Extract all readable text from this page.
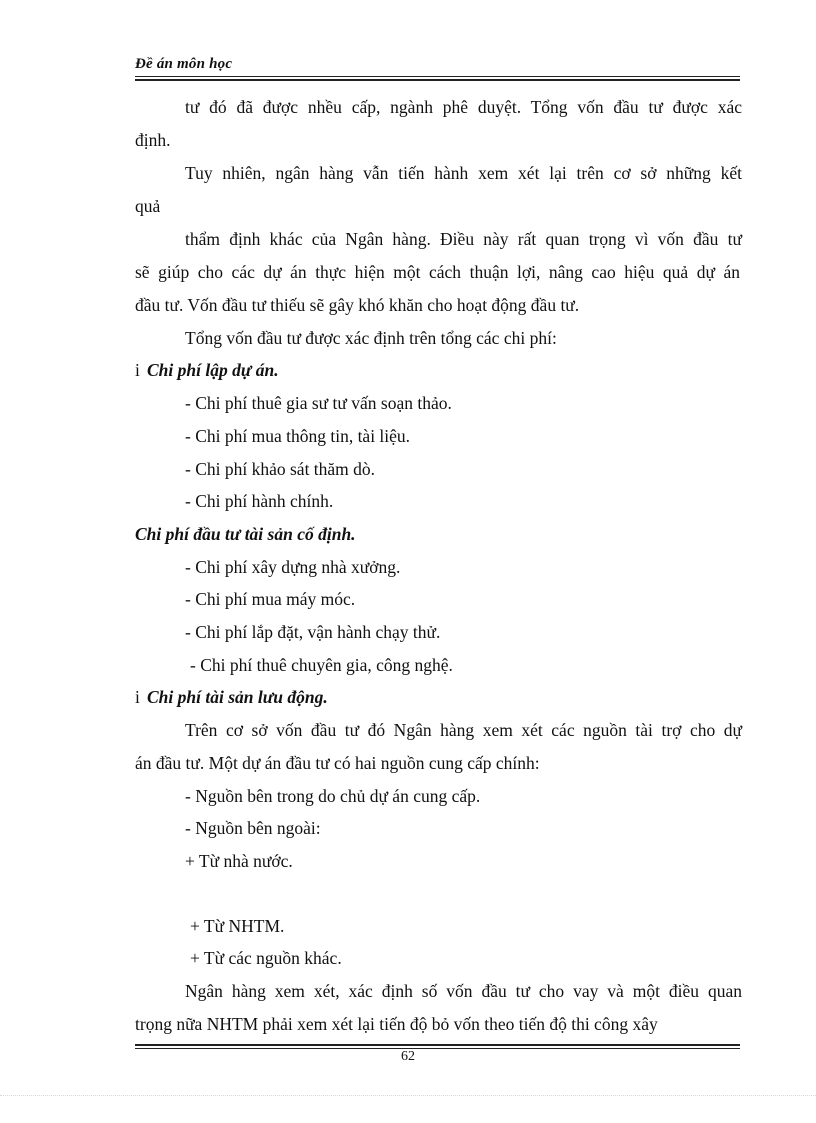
Đề án môn học
tư đó đã được nhều cấp, ngành phê duyệt. Tổng vốn đầu tư được xác
định.
Tuy nhiên, ngân hàng vẫn tiến hành xem xét lại trên cơ sở những kết
quả
thẩm định khác của Ngân hàng. Điều này rất quan trọng vì vốn đầu tư
sẽ giúp cho các dự án thực hiện một cách thuận lợi, nâng cao hiệu quả dự án
đầu tư. Vốn đầu tư thiếu sẽ gây khó khăn cho hoạt động đầu tư.
Tổng vốn đầu tư được xác định trên tổng các chi phí:
i Chi phí lập dự án.
- Chi phí thuê gia sư tư vấn soạn thảo.
- Chi phí mua thông tin, tài liệu.
- Chi phí khảo sát thăm dò.
- Chi phí hành chính.
Chi phí đầu tư tài sản cố định.
- Chi phí xây dựng nhà xưởng.
- Chi phí mua máy móc.
- Chi phí lắp đặt, vận hành chạy thử.
- Chi phí thuê chuyên gia, công nghệ.
i Chi phí tài sản lưu động.
Trên cơ sở vốn đầu tư đó Ngân hàng xem xét các nguồn tài trợ cho dự
án đầu tư. Một dự án đầu tư có hai nguồn cung cấp chính:
- Nguồn bên trong do chủ dự án cung cấp.
- Nguồn bên ngoài:
+ Từ nhà nước.
+ Từ NHTM.
+ Từ các nguồn khác.
Ngân hàng xem xét, xác định số vốn đầu tư cho vay và một điều quan
trọng nữa NHTM phải xem xét lại tiến độ bỏ vốn theo tiến độ thi công xây
62
